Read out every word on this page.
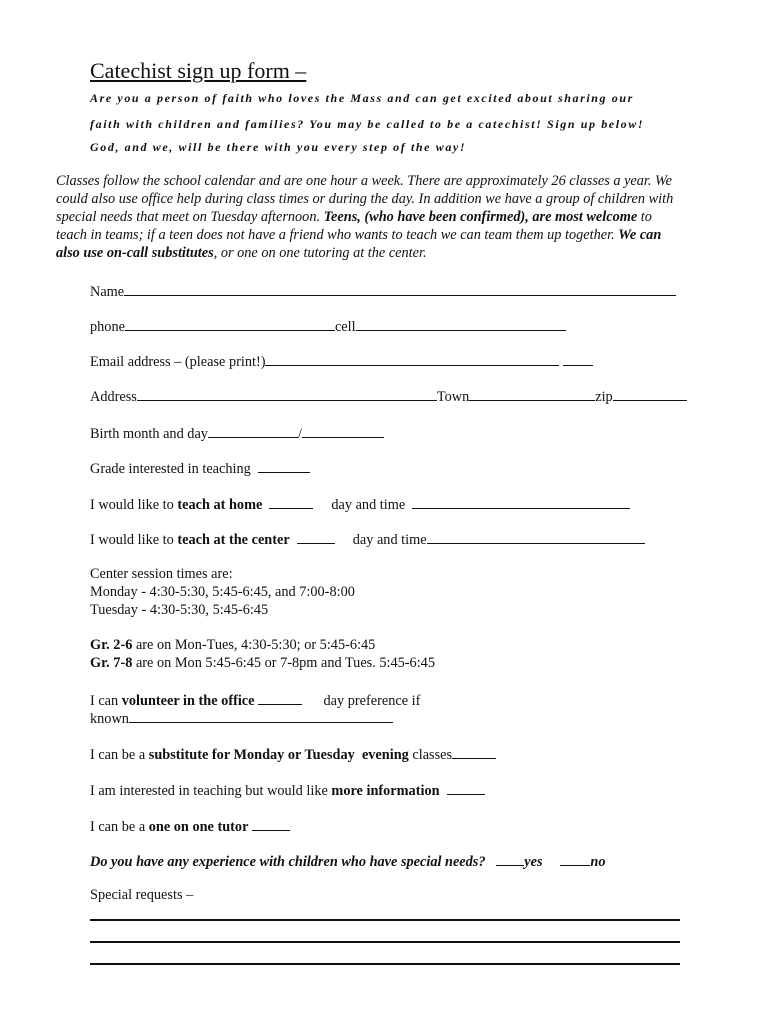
Catechist sign up form –
Are you a person of faith who loves the Mass and can get excited about sharing our
faith with children and families? You may be called to be a catechist! Sign up below!
God, and we, will be there with you every step of the way!
Classes follow the school calendar and are one hour a week. There are approximately 26 classes a year. We could also use office help during class times or during the day. In addition we have a group of children with special needs that meet on Tuesday afternoon. Teens, (who have been confirmed), are most welcome to teach in teams; if a teen does not have a friend who wants to teach we can team them up together. We can also use on-call substitutes, or one on one tutoring at the center.
Name
phone	cell
Email address – (please print!)
Address	Town	zip
Birth month and day	/
Grade interested in teaching
I would like to teach at home	day and time
I would like to teach at the center	day and time
Center session times are:
Monday - 4:30-5:30, 5:45-6:45, and 7:00-8:00
Tuesday - 4:30-5:30, 5:45-6:45
Gr. 2-6 are on Mon-Tues, 4:30-5:30; or 5:45-6:45
Gr. 7-8 are on Mon 5:45-6:45 or 7-8pm and Tues. 5:45-6:45
I can volunteer in the office	day preference if
known
I can be a substitute for Monday or Tuesday evening classes
I am interested in teaching but would like more information
I can be a one on one tutor
Do you have any experience with children who have special needs?	yes	no
Special requests –
